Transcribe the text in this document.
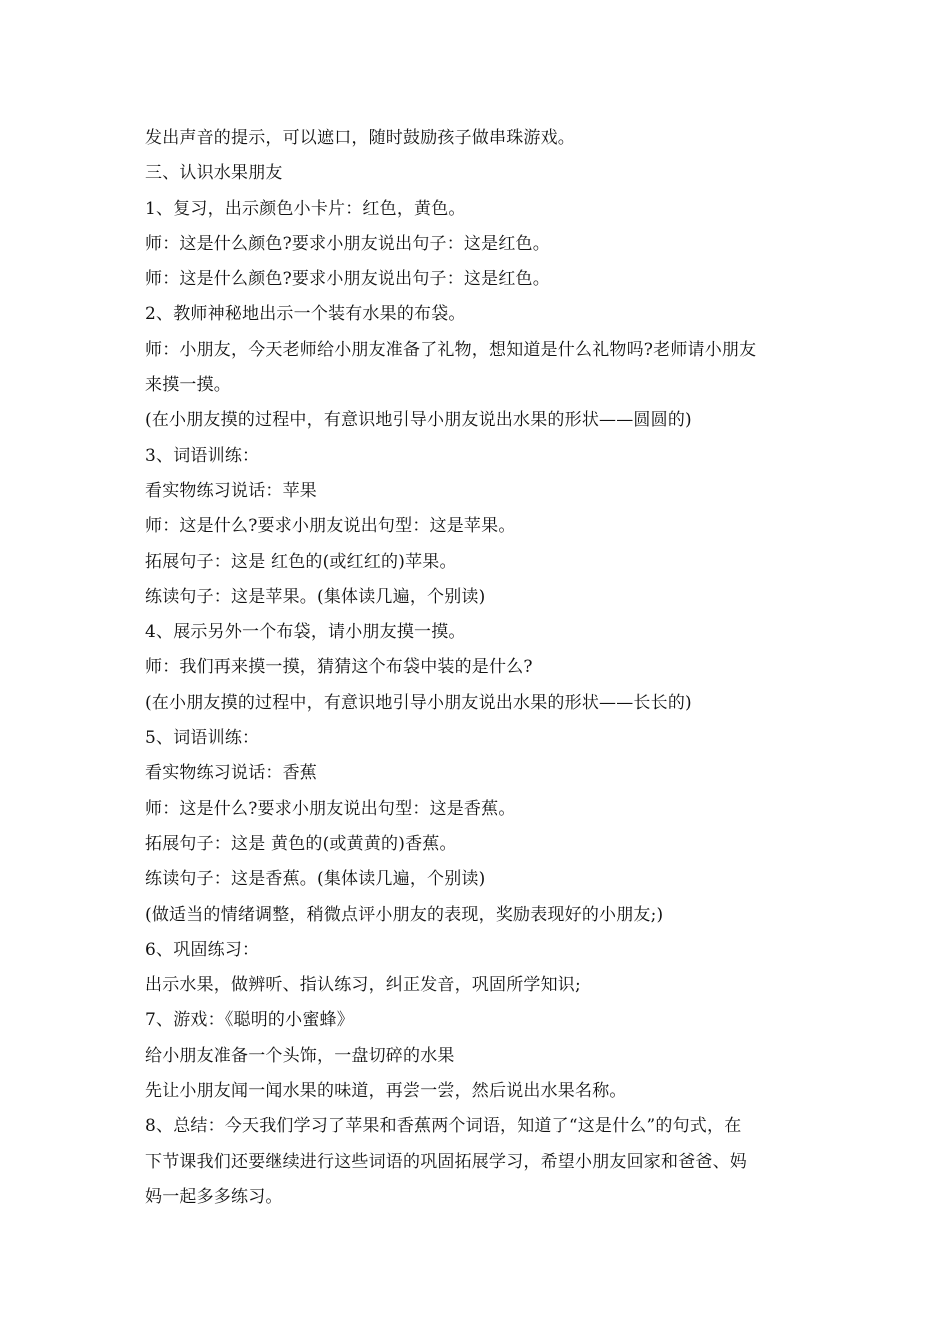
发出声音的提示，可以遮口，随时鼓励孩子做串珠游戏。
三、认识水果朋友
1、复习，出示颜色小卡片：红色，黄色。
师：这是什么颜色?要求小朋友说出句子：这是红色。
师：这是什么颜色?要求小朋友说出句子：这是红色。
2、教师神秘地出示一个装有水果的布袋。
师：小朋友，今天老师给小朋友准备了礼物，想知道是什么礼物吗?老师请小朋友
来摸一摸。
(在小朋友摸的过程中，有意识地引导小朋友说出水果的形状——圆圆的)
3、词语训练：
看实物练习说话：苹果
师：这是什么?要求小朋友说出句型：这是苹果。
拓展句子：这是 红色的(或红红的)苹果。
练读句子：这是苹果。(集体读几遍，个别读)
4、展示另外一个布袋，请小朋友摸一摸。
师：我们再来摸一摸，猜猜这个布袋中装的是什么?
(在小朋友摸的过程中，有意识地引导小朋友说出水果的形状——长长的)
5、词语训练：
看实物练习说话：香蕉
师：这是什么?要求小朋友说出句型：这是香蕉。
拓展句子：这是 黄色的(或黄黄的)香蕉。
练读句子：这是香蕉。(集体读几遍，个别读)
(做适当的情绪调整，稍微点评小朋友的表现，奖励表现好的小朋友;)
6、巩固练习：
出示水果，做辨听、指认练习，纠正发音，巩固所学知识;
7、游戏：《聪明的小蜜蜂》
给小朋友准备一个头饰，一盘切碎的水果
先让小朋友闻一闻水果的味道，再尝一尝，然后说出水果名称。
8、总结：今天我们学习了苹果和香蕉两个词语，知道了“这是什么”的句式，在
下节课我们还要继续进行这些词语的巩固拓展学习，希望小朋友回家和爸爸、妈
妈一起多多练习。
